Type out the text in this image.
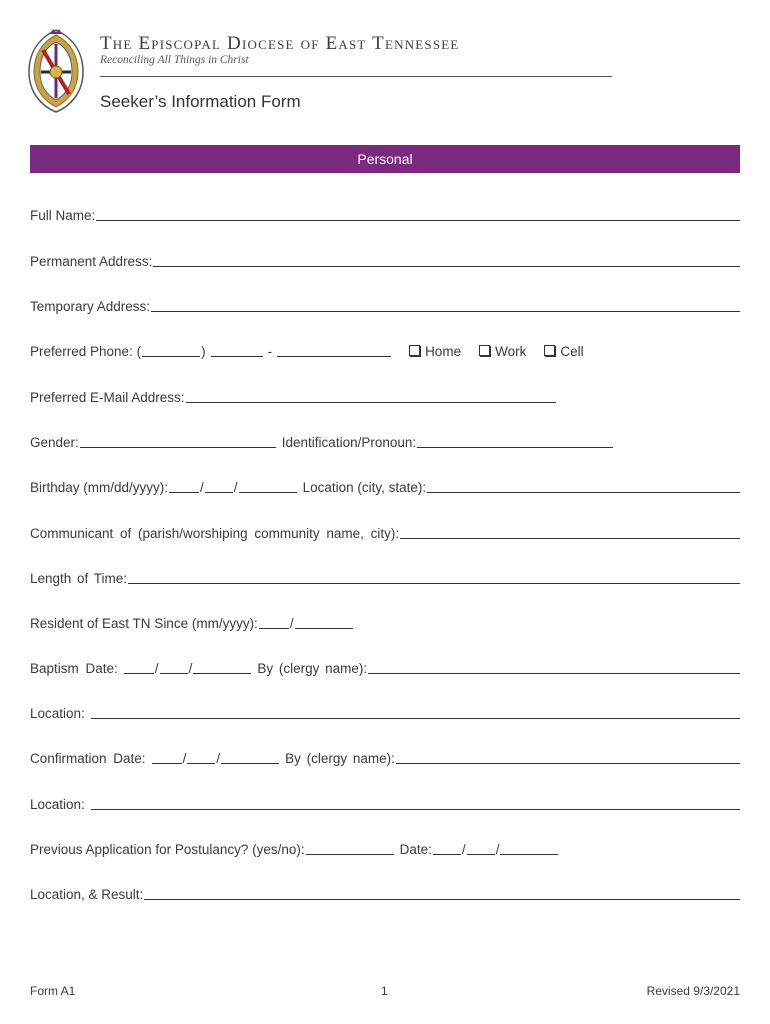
The Episcopal Diocese of East Tennessee
Reconciling All Things in Christ
Seeker’s Information Form
Personal
Full Name:
Permanent Address:
Temporary Address:
Preferred Phone: (	)	-	Home	Work	Cell
Preferred E-Mail Address:
Gender:	Identification/Pronoun:
Birthday (mm/dd/yyyy): / /	Location (city, state):
Communicant of (parish/worshiping community name, city):
Length of Time:
Resident of East TN Since (mm/yyyy): /
Baptism Date:	/ /	By (clergy name):
Location:
Confirmation Date:	/ /	By (clergy name):
Location:
Previous Application for Postulancy? (yes/no):	Date: / /
Location, & Result:
Form A1	1	Revised 9/3/2021
